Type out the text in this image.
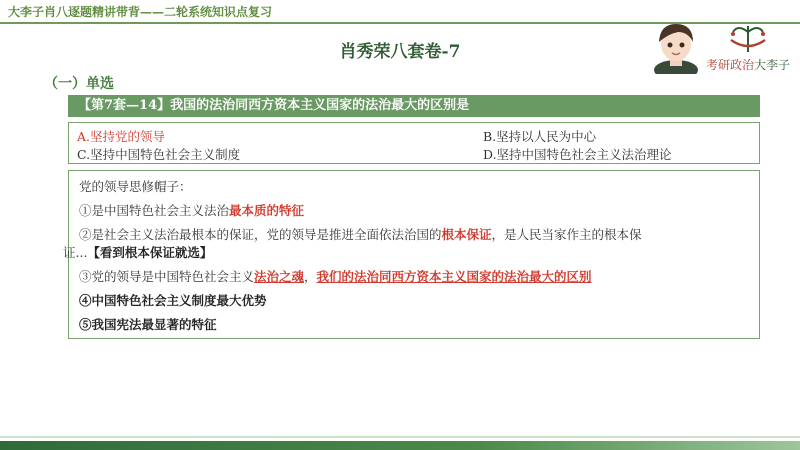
大李子肖八逐题精讲带背——二轮系统知识点复习
肖秀荣八套卷-7
考研政治大李子
（一）单选
【第7套—14】我国的法治同西方资本主义国家的法治最大的区别是
A.坚持党的领导	B.坚持以人民为中心
C.坚持中国特色社会主义制度	D.坚持中国特色社会主义法治理论
党的领导思修帽子：
①是中国特色社会主义法治最本质的特征
②是社会主义法治最根本的保证，党的领导是推进全面依法治国的根本保证，是人民当家作主的根本保
证...【看到根本保证就选】
③党的领导是中国特色社会主义法治之魂，我们的法治同西方资本主义国家的法治最大的区别
④中国特色社会主义制度最大优势
⑤我国宪法最显著的特征
